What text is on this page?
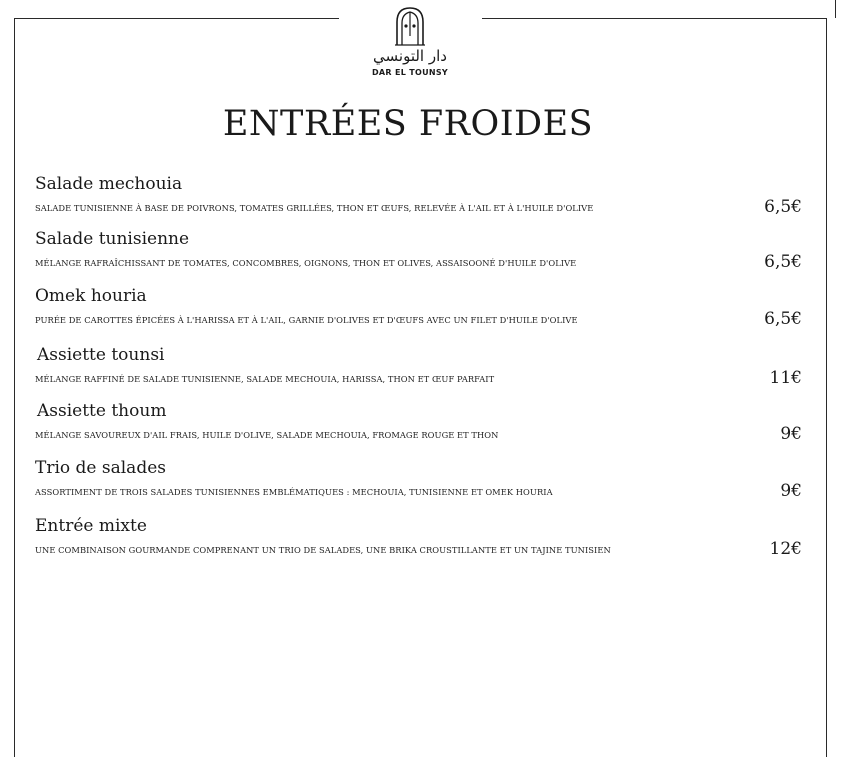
دار التونسي
DAR EL TOUNSY
ENTRÉES FROIDES
Salade mechouia
SALADE TUNISIENNE À BASE DE POIVRONS, TOMATES GRILLÉES, THON ET ŒUFS, RELEVÉE À L'AIL ET À L'HUILE D'OLIVE	6,5€
Salade tunisienne
MÉLANGE RAFRAÎCHISSANT DE TOMATES, CONCOMBRES, OIGNONS, THON ET OLIVES, ASSAISOОNÉ D'HUILE D'OLIVE	6,5€
Omek houria
PURÉE DE CAROTTES ÉPICÉES À L'HARISSA ET À L'AIL, GARNIE D'OLIVES ET D'ŒUFS AVEC UN FILET D'HUILE D'OLIVE	6,5€
Assiette tounsi
MÉLANGE RAFFINÉ DE SALADE TUNISIENNE, SALADE MECHOUIA, HARISSA, THON ET ŒUF PARFAIT	11€
Assiette thoum
MÉLANGE SAVOUREUX D'AIL FRAIS, HUILE D'OLIVE, SALADE MECHOUIA, FROMAGE ROUGE ET THON	9€
Trio de salades
ASSORTIMENT DE TROIS SALADES TUNISIENNES EMBLÉMATIQUES : MECHOUIA, TUNISIENNE ET OMEK HOURIA	9€
Entrée mixte
UNE COMBINAISON GOURMANDE COMPRENANT UN TRIO DE SALADES, UNE BRIKA CROUSTILLANTE ET UN TAJINE TUNISIEN	12€
